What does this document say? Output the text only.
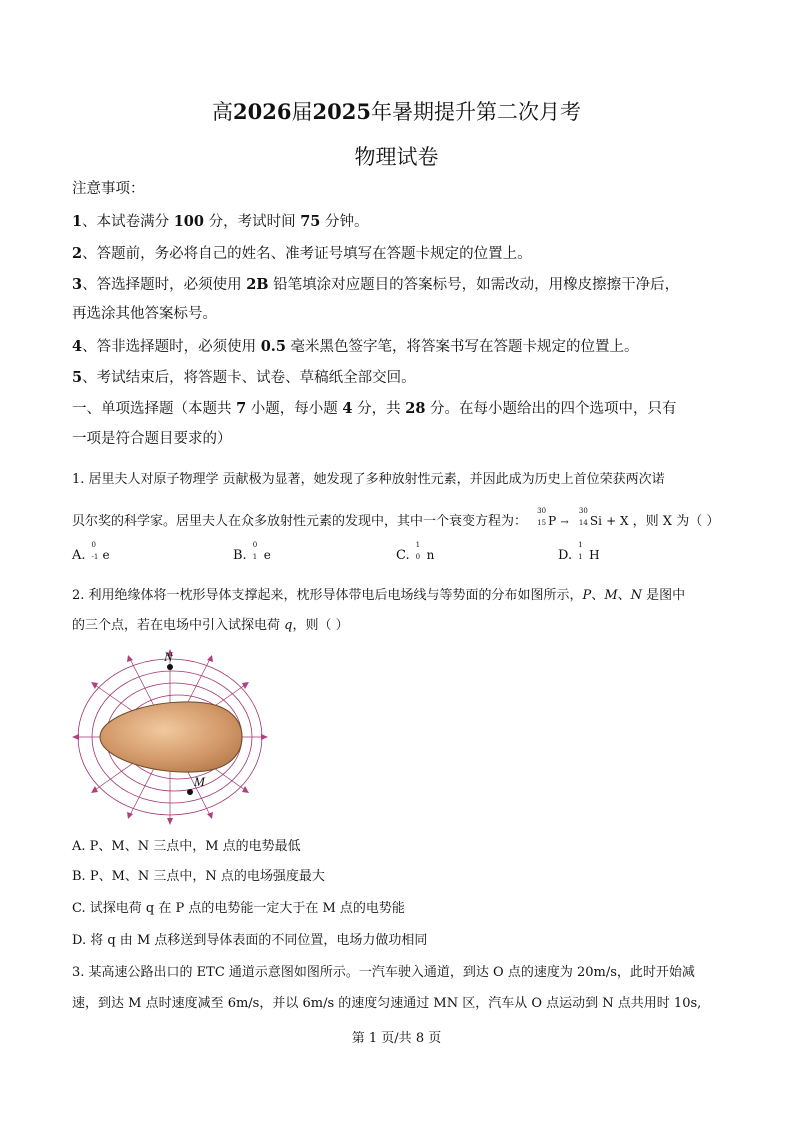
高2026届2025年暑期提升第二次月考
物理试卷
注意事项：
1、本试卷满分 100 分，考试时间 75 分钟。
2、答题前，务必将自己的姓名、准考证号填写在答题卡规定的位置上。
3、答选择题时，必须使用 2B 铅笔填涂对应题目的答案标号，如需改动，用橡皮擦擦干净后，
再选涂其他答案标号。
4、答非选择题时，必须使用 0.5 毫米黑色签字笔，将答案书写在答题卡规定的位置上。
5、考试结束后，将答题卡、试卷、草稿纸全部交回。
一、单项选择题（本题共 7 小题，每小题 4 分，共 28 分。在每小题给出的四个选项中，只有
一项是符合题目要求的）
1. 居里夫人对原子物理学 贡献极为显著，她发现了多种放射性元素，并因此成为历史上首位荣获两次诺
贝尔奖的科学家。居里夫人在众多放射性元素的发现中，其中一个衰变方程为：
30
15 P →
30
14 Si + X ，则 X 为（ ）
A.
0
-1 e	B.
0
1 e	C.
1
0 n	D.
1
1 H
2. 利用绝缘体将一枕形导体支撑起来，枕形导体带电后电场线与等势面的分布如图所示，P、M、N 是图中
的三个点，若在电场中引入试探电荷 q，则（ ）
N
M
A. P、M、N 三点中，M 点的电势最低
B. P、M、N 三点中，N 点的电场强度最大
C. 试探电荷 q 在 P 点的电势能一定大于在 M 点的电势能
D. 将 q 由 M 点移送到导体表面的不同位置，电场力做功相同
3. 某高速公路出口的 ETC 通道示意图如图所示。一汽车驶入通道，到达 O 点的速度为 20m/s，此时开始减
速，到达 M 点时速度减至 6m/s，并以 6m/s 的速度匀速通过 MN 区，汽车从 O 点运动到 N 点共用时 10s,
第 1 页/共 8 页
